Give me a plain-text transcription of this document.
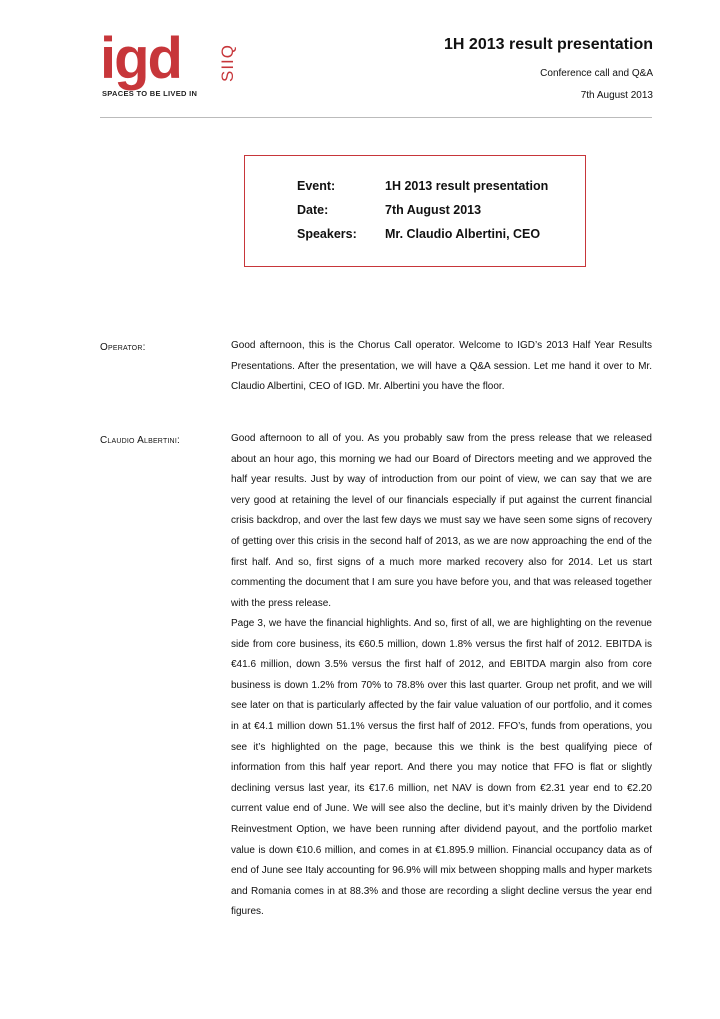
igd SIIQ
SPACES TO BE LIVED IN
1H 2013 result presentation
Conference call and Q&A
7th August 2013
Event:	1H 2013 result presentation
Date:	7th August 2013
Speakers: Mr. Claudio Albertini, CEO
Operator:	Good afternoon, this is the Chorus Call operator. Welcome to IGD’s 2013 Half Year Results Presentations. After the presentation, we will have a Q&A session. Let me hand it over to Mr. Claudio Albertini, CEO of IGD. Mr. Albertini you have the floor.
Claudio Albertini:	Good afternoon to all of you. As you probably saw from the press release that we released about an hour ago, this morning we had our Board of Directors meeting and we approved the half year results. Just by way of introduction from our point of view, we can say that we are very good at retaining the level of our financials especially if put against the current financial crisis backdrop, and over the last few days we must say we have seen some signs of recovery of getting over this crisis in the second half of 2013, as we are now approaching the end of the first half. And so, first signs of a much more marked recovery also for 2014. Let us start commenting the document that I am sure you have before you, and that was released together with the press release.
Page 3, we have the financial highlights. And so, first of all, we are highlighting on the revenue side from core business, its €60.5 million, down 1.8% versus the first half of 2012. EBITDA is €41.6 million, down 3.5% versus the first half of 2012, and EBITDA margin also from core business is down 1.2% from 70% to 78.8% over this last quarter. Group net profit, and we will see later on that is particularly affected by the fair value valuation of our portfolio, and it comes in at €4.1 million down 51.1% versus the first half of 2012. FFO’s, funds from operations, you see it’s highlighted on the page, because this we think is the best qualifying piece of information from this half year report. And there you may notice that FFO is flat or slightly declining versus last year, its €17.6 million, net NAV is down from €2.31 year end to €2.20 current value end of June. We will see also the decline, but it’s mainly driven by the Dividend Reinvestment Option, we have been running after dividend payout, and the portfolio market value is down €10.6 million, and comes in at €1.895.9 million. Financial occupancy data as of end of June see Italy accounting for 96.9% will mix between shopping malls and hyper markets and Romania comes in at 88.3% and those are recording a slight decline versus the year end figures.
